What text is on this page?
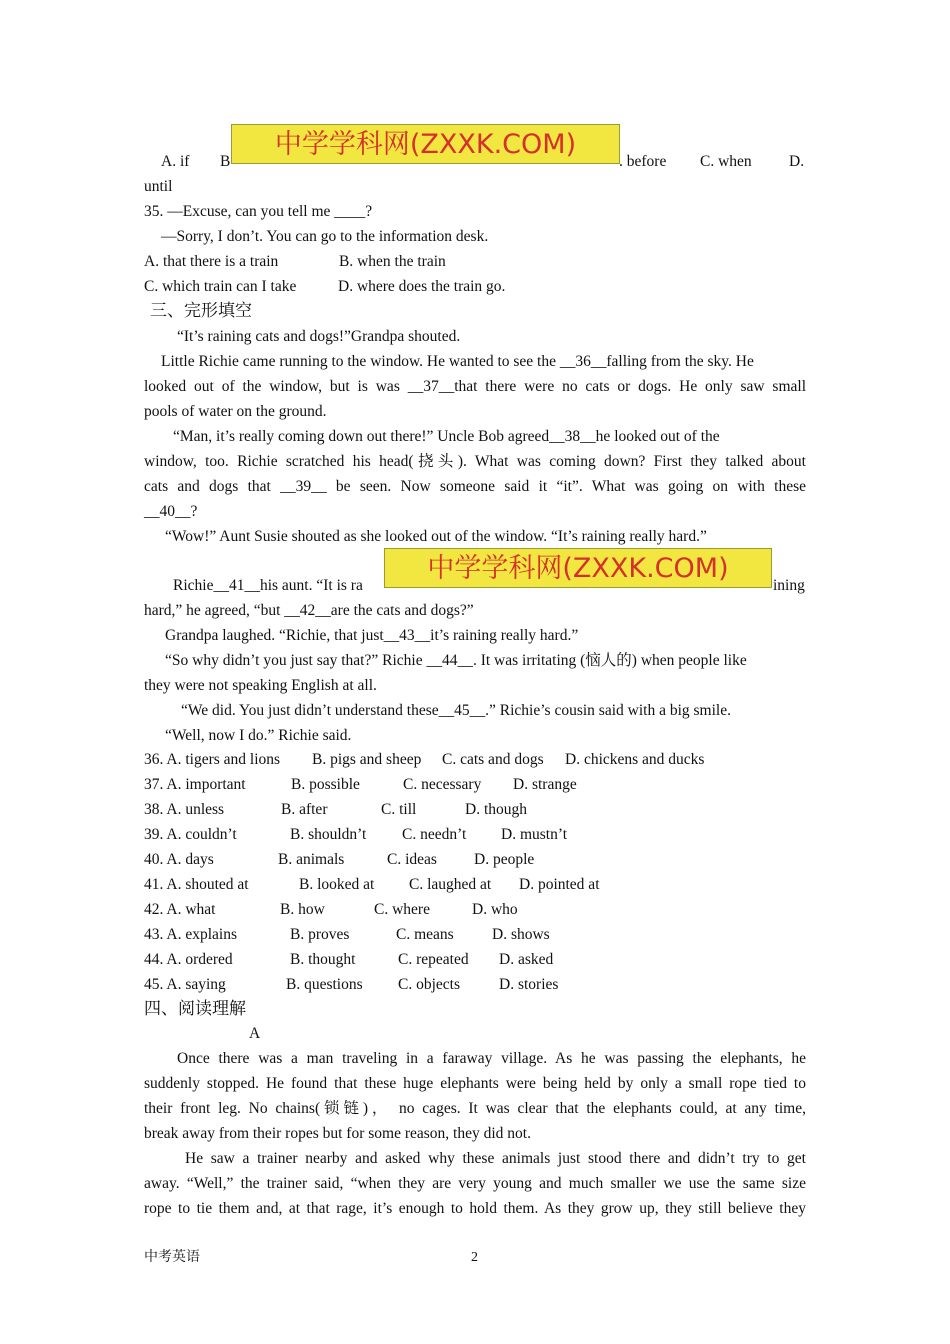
中学学科网(ZXXK.COM)
中学学科网(ZXXK.COM)
A. if B	. before C. when D.
until
35. —Excuse, can you tell me ____?
—Sorry, I don’t. You can go to the information desk.
A. that there is a train	B. when the train
C. which train can I take	D. where does the train go.
三、完形填空
“It’s raining cats and dogs!”Grandpa shouted.
Little Richie came running to the window. He wanted to see the __36__falling from the sky. He
looked out of the window, but is was __37__that there were no cats or dogs. He only saw small
pools of water on the ground.
“Man, it’s really coming down out there!” Uncle Bob agreed__38__he looked out of the
window, too. Richie scratched his head(挠头). What was coming down? First they talked about
cats and dogs that __39__ be seen. Now someone said it “it”. What was going on with these
__40__?
“Wow!” Aunt Susie shouted as she looked out of the window. “It’s raining really hard.”
Richie__41__his aunt. “It is ra	ining
hard,” he agreed, “but __42__are the cats and dogs?”
Grandpa laughed. “Richie, that just__43__it’s raining really hard.”
“So why didn’t you just say that?” Richie __44__. It was irritating (恼人的) when people like
they were not speaking English at all.
“We did. You just didn’t understand these__45__.” Richie’s cousin said with a big smile.
“Well, now I do.” Richie said.
36. A. tigers and lions B. pigs and sheep C. cats and dogs D. chickens and ducks
37. A. important	B. possible	C. necessary D. strange
38. A. unless	B. after	C. till	D. though
39. A. couldn’t	B. shouldn’t C. needn’t D. mustn’t
40. A. days	B. animals	C. ideas D. people
41. A. shouted at	B. looked at C. laughed at D. pointed at
42. A. what	B. how	C. where	D. who
43. A. explains	B. proves	C. means D. shows
44. A. ordered	B. thought	C. repeated D. asked
45. A. saying	B. questions C. objects	D. stories
四、阅读理解
A
Once there was a man traveling in a faraway village. As he was passing the elephants, he
suddenly stopped. He found that these huge elephants were being held by only a small rope tied to
their front leg. No chains(锁链)， no cages. It was clear that the elephants could, at any time,
break away from their ropes but for some reason, they did not.
He saw a trainer nearby and asked why these animals just stood there and didn’t try to get
away. “Well,” the trainer said, “when they are very young and much smaller we use the same size
rope to tie them and, at that rage, it’s enough to hold them. As they grow up, they still believe they
中考英语	2
